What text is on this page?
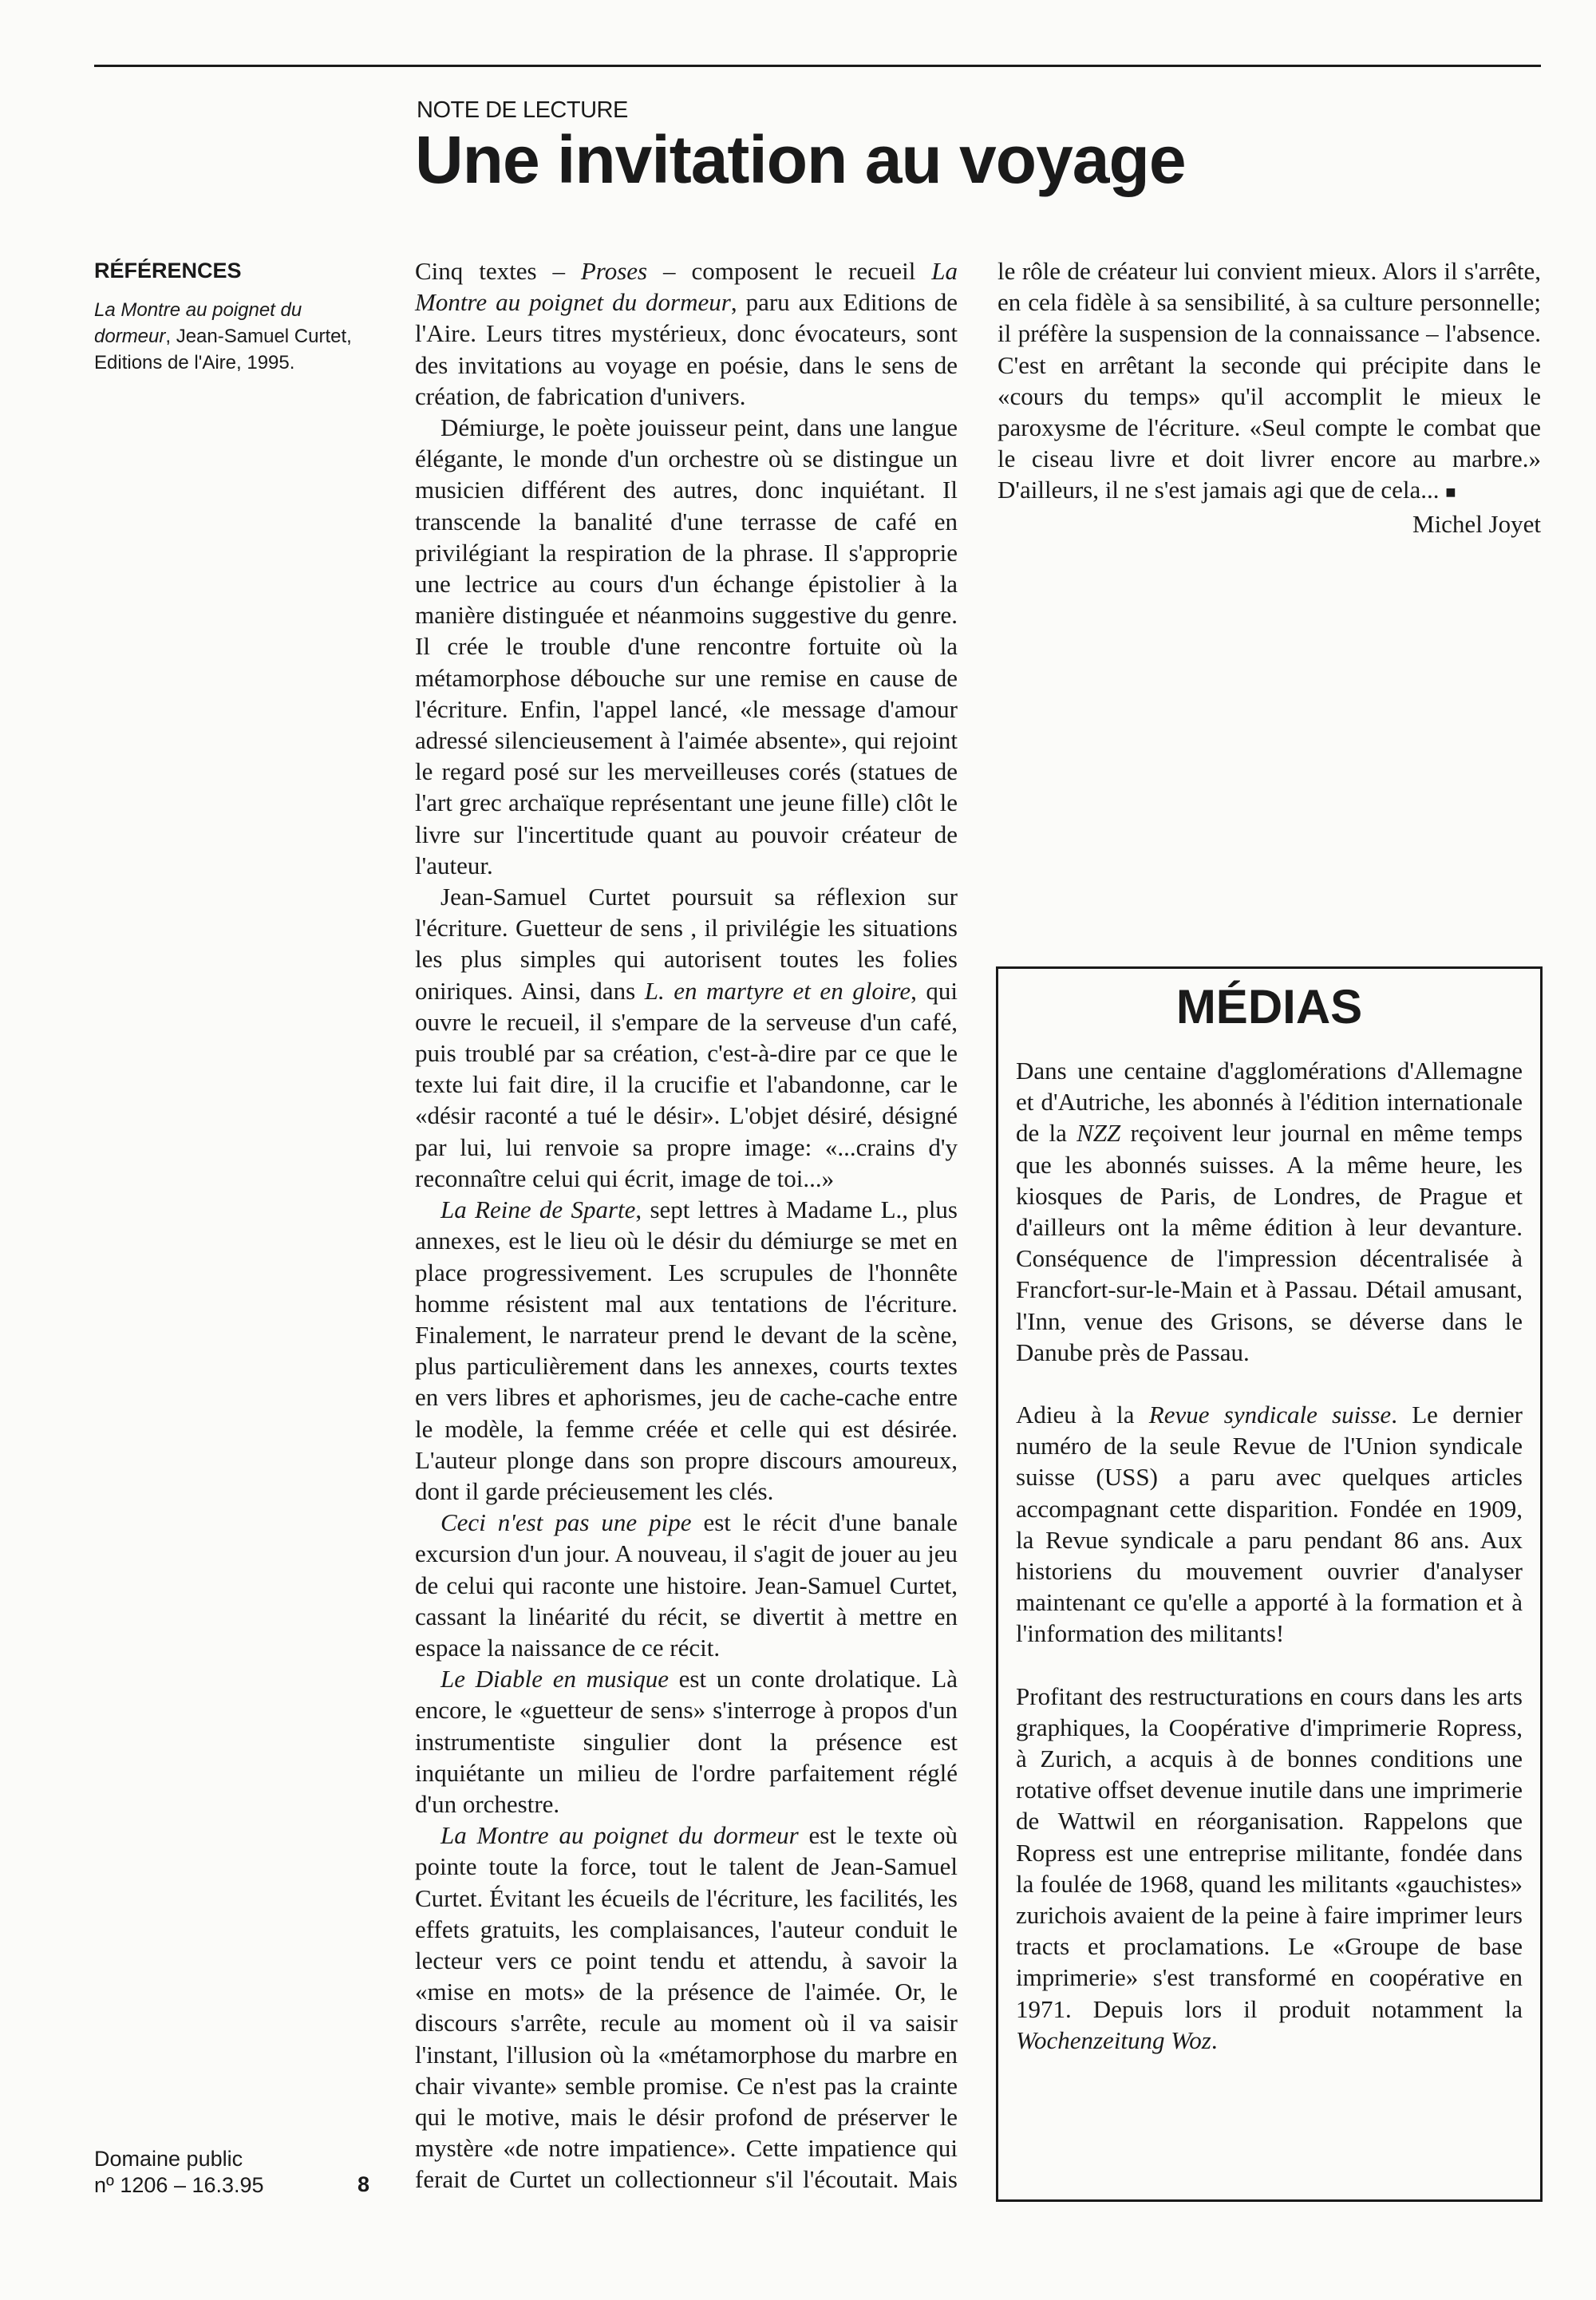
NOTE DE LECTURE
Une invitation au voyage
RÉFÉRENCES
La Montre au poignet du dormeur, Jean-Samuel Curtet, Editions de l'Aire, 1995.

Cinq textes – Proses – composent le recueil La Montre au poignet du dormeur, paru aux Editions de l'Aire. Leurs titres mystérieux, donc évocateurs, sont des invitations au voyage en poésie, dans le sens de création, de fabrication d'univers.

Démiurge, le poète jouisseur peint, dans une langue élégante, le monde d'un orchestre où se distingue un musicien différent des autres, donc inquiétant. Il transcende la banalité d'une terrasse de café en privilégiant la respiration de la phrase. Il s'approprie une lectrice au cours d'un échange épistolier à la manière distinguée et néanmoins suggestive du genre. Il crée le trouble d'une rencontre fortuite où la métamorphose débouche sur une remise en cause de l'écriture. Enfin, l'appel lancé, «le message d'amour adressé silencieusement à l'aimée absente», qui rejoint le regard posé sur les merveilleuses corés (statues de l'art grec archaïque représentant une jeune fille) clôt le livre sur l'incertitude quant au pouvoir créateur de l'auteur.

Jean-Samuel Curtet poursuit sa réflexion sur l'écriture. Guetteur de sens , il privilégie les situations les plus simples qui autorisent toutes les folies oniriques. Ainsi, dans L. en martyre et en gloire, qui ouvre le recueil, il s'empare de la serveuse d'un café, puis troublé par sa création, c'est-à-dire par ce que le texte lui fait dire, il la crucifie et l'abandonne, car le «désir raconté a tué le désir». L'objet désiré, désigné par lui, lui renvoie sa propre image: «...crains d'y reconnaître celui qui écrit, image de toi...»

La Reine de Sparte, sept lettres à Madame L., plus annexes, est le lieu où le désir du démiurge se met en place progressivement. Les scrupules de l'honnête homme résistent mal aux tentations de l'écriture. Finalement, le narrateur prend le devant de la scène, plus particulièrement dans les annexes, courts textes en vers libres et aphorismes, jeu de cache-cache entre le modèle, la femme créée et celle qui est désirée. L'auteur plonge dans son propre discours amoureux, dont il garde précieusement les clés.

Ceci n'est pas une pipe est le récit d'une banale excursion d'un jour. A nouveau, il s'agit de jouer au jeu de celui qui raconte une histoire. Jean-Samuel Curtet, cassant la linéarité du récit, se divertit à mettre en espace la naissance de ce récit.

Le Diable en musique est un conte drolatique. Là encore, le «guetteur de sens» s'interroge à propos d'un instrumentiste singulier dont la présence est inquiétante un milieu de l'ordre parfaitement réglé d'un orchestre.

La Montre au poignet du dormeur est le texte où pointe toute la force, tout le talent de Jean-Samuel Curtet. Évitant les écueils de l'écriture, les facilités, les effets gratuits, les complaisances, l'auteur conduit le lecteur vers ce point tendu et attendu, à savoir la «mise en mots» de la présence de l'aimée. Or, le discours s'arrête, recule au moment où il va saisir l'instant, l'illusion où la «métamorphose du marbre en chair vivante» semble promise. Ce n'est pas la crainte qui le motive, mais le désir profond de préserver le mystère «de notre impatience». Cette impatience qui ferait de Curtet un collectionneur s'il l'écoutait. Mais

le rôle de créateur lui convient mieux. Alors il s'arrête, en cela fidèle à sa sensibilité, à sa culture personnelle; il préfère la suspension de la connaissance – l'absence. C'est en arrêtant la seconde qui précipite dans le «cours du temps» qu'il accomplit le mieux le paroxysme de l'écriture. «Seul compte le combat que le ciseau livre et doit livrer encore au marbre.» D'ailleurs, il ne s'est jamais agi que de cela... ■

Michel Joyet

MÉDIAS

Dans une centaine d'agglomérations d'Allemagne et d'Autriche, les abonnés à l'édition internationale de la NZZ reçoivent leur journal en même temps que les abonnés suisses. A la même heure, les kiosques de Paris, de Londres, de Prague et d'ailleurs ont la même édition à leur devanture. Conséquence de l'impression décentralisée à Francfort-sur-le-Main et à Passau. Détail amusant, l'Inn, venue des Grisons, se déverse dans le Danube près de Passau.

Adieu à la Revue syndicale suisse. Le dernier numéro de la seule Revue de l'Union syndicale suisse (USS) a paru avec quelques articles accompagnant cette disparition. Fondée en 1909, la Revue syndicale a paru pendant 86 ans. Aux historiens du mouvement ouvrier d'analyser maintenant ce qu'elle a apporté à la formation et à l'information des militants!

Profitant des restructurations en cours dans les arts graphiques, la Coopérative d'imprimerie Ropress, à Zurich, a acquis à de bonnes conditions une rotative offset devenue inutile dans une imprimerie de Wattwil en réorganisation. Rappelons que Ropress est une entreprise militante, fondée dans la foulée de 1968, quand les militants «gauchistes» zurichois avaient de la peine à faire imprimer leurs tracts et proclamations. Le «Groupe de base imprimerie» s'est transformé en coopérative en 1971. Depuis lors il produit notamment la Wochenzeitung Woz.

Domaine public
nº 1206 – 16.3.95	8
